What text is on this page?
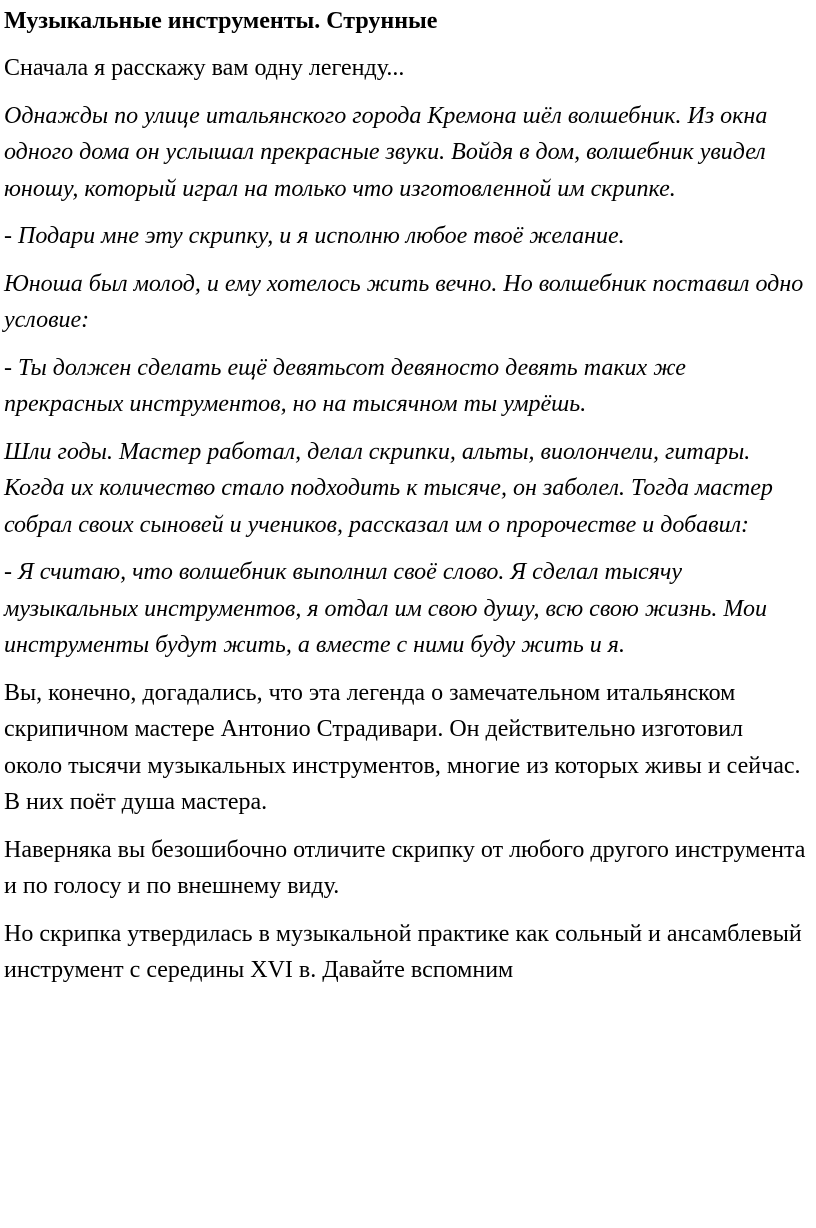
Музыкальные инструменты. Струнные

Сначала я расскажу вам одну легенду...

Однажды по улице итальянского города Кремона шёл волшебник. Из окна одного дома он услышал прекрасные звуки. Войдя в дом, волшебник увидел юношу, который играл на только что изготовленной им скрипке.

- Подари мне эту скрипку, и я исполню любое твоё желание.

Юноша был молод, и ему хотелось жить вечно. Но волшебник поставил одно условие:

- Ты должен сделать ещё девятьсот девяносто девять таких же прекрасных инструментов, но на тысячном ты умрёшь.

Шли годы. Мастер работал, делал скрипки, альты, виолончели, гитары. Когда их количество стало подходить к тысяче, он заболел. Тогда мастер собрал своих сыновей и учеников, рассказал им о пророчестве и добавил:

- Я считаю, что волшебник выполнил своё слово. Я сделал тысячу музыкальных инструментов, я отдал им свою душу, всю свою жизнь. Мои инструменты будут жить, а вместе с ними буду жить и я.

Вы, конечно, догадались, что эта легенда о замечательном итальянском скрипичном мастере Антонио Страдивари. Он действительно изготовил около тысячи музыкальных инструментов, многие из которых живы и сейчас. В них поёт душа мастера.

Наверняка вы безошибочно отличите скрипку от любого другого инструмента и по голосу и по внешнему виду.

Но скрипка утвердилась в музыкальной практике как сольный и ансамблевый инструмент с середины XVI в. Давайте вспомним
